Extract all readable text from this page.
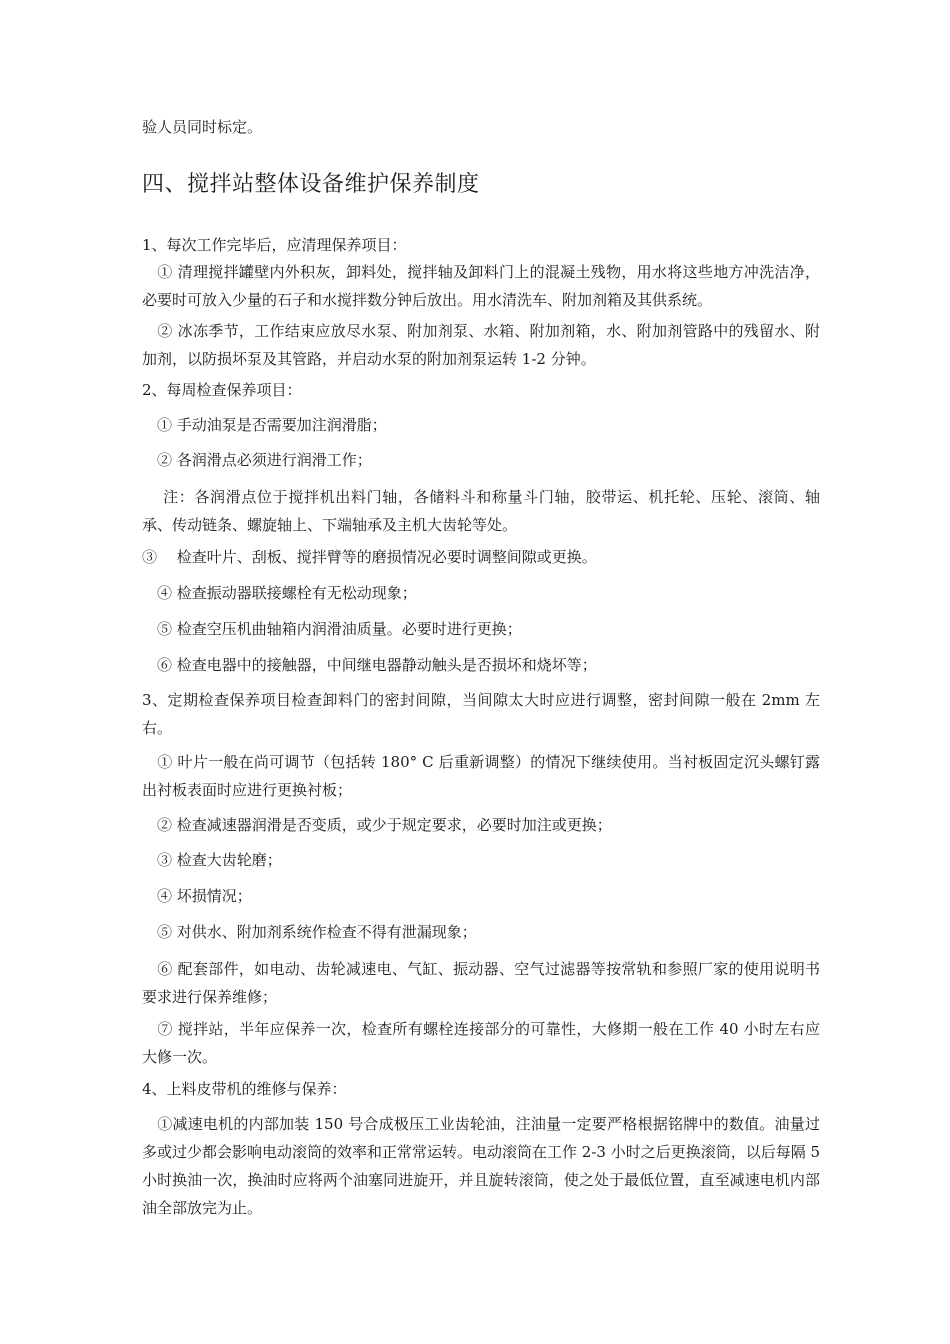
验人员同时标定。

四、搅拌站整体设备维护保养制度

1、每次工作完毕后，应清理保养项目：

　① 清理搅拌罐壁内外积灰，卸料处，搅拌轴及卸料门上的混凝土残物，用水将这些地方冲洗洁净，必要时可放入少量的石子和水搅拌数分钟后放出。用水清洗车、附加剂箱及其供系统。

　② 冰冻季节，工作结束应放尽水泵、附加剂泵、水箱、附加剂箱，水、附加剂管路中的残留水、附加剂，以防损坏泵及其管路，并启动水泵的附加剂泵运转 1-2 分钟。

2、每周检查保养项目：

　① 手动油泵是否需要加注润滑脂；

　② 各润滑点必须进行润滑工作；

　 注：各润滑点位于搅拌机出料门轴，各储料斗和称量斗门轴，胶带运、机托轮、压轮、滚筒、轴承、传动链条、螺旋轴上、下端轴承及主机大齿轮等处。

③　 检查叶片、刮板、搅拌臂等的磨损情况必要时调整间隙或更换。

　④ 检查振动器联接螺栓有无松动现象；

　⑤ 检查空压机曲轴箱内润滑油质量。必要时进行更换；

　⑥ 检查电器中的接触器，中间继电器静动触头是否损坏和烧坏等；

3、定期检查保养项目检查卸料门的密封间隙，当间隙太大时应进行调整，密封间隙一般在 2mm 左右。

　① 叶片一般在尚可调节（包括转 180° C 后重新调整）的情况下继续使用。当衬板固定沉头螺钉露出衬板表面时应进行更换衬板；

　② 检查减速器润滑是否变质，或少于规定要求，必要时加注或更换；

　③ 检查大齿轮磨；

　④ 坏损情况；

　⑤ 对供水、附加剂系统作检查不得有泄漏现象；

　⑥ 配套部件，如电动、齿轮减速电、气缸、振动器、空气过滤器等按常轨和参照厂家的使用说明书要求进行保养维修；

　⑦ 搅拌站，半年应保养一次，检查所有螺栓连接部分的可靠性，大修期一般在工作 40 小时左右应大修一次。

4、上料皮带机的维修与保养：

　①减速电机的内部加装 150 号合成极压工业齿轮油，注油量一定要严格根据铭牌中的数值。油量过多或过少都会影响电动滚筒的效率和正常常运转。电动滚筒在工作 2-3 小时之后更换滚筒，以后每隔 5 小时换油一次，换油时应将两个油塞同进旋开，并且旋转滚筒，使之处于最低位置，直至减速电机内部油全部放完为止。
